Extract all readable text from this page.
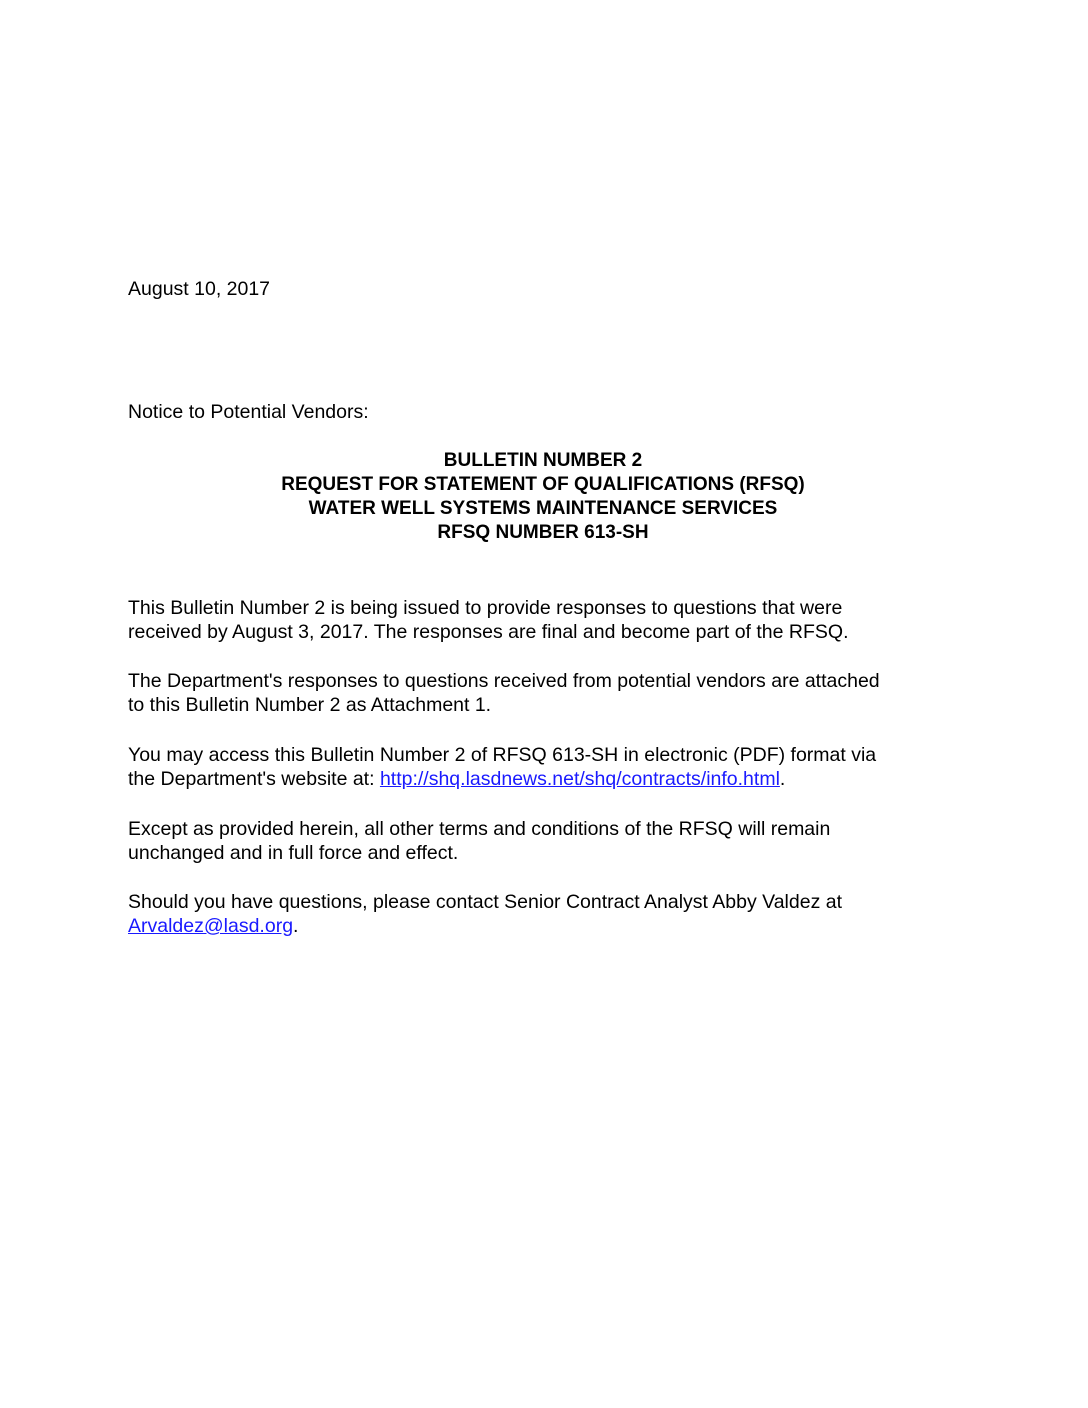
August 10, 2017
Notice to Potential Vendors:
BULLETIN NUMBER 2
REQUEST FOR STATEMENT OF QUALIFICATIONS (RFSQ)
WATER WELL SYSTEMS MAINTENANCE SERVICES
RFSQ NUMBER 613-SH
This Bulletin Number 2 is being issued to provide responses to questions that were
received by August 3, 2017. The responses are final and become part of the RFSQ.
The Department's responses to questions received from potential vendors are attached
to this Bulletin Number 2 as Attachment 1.
You may access this Bulletin Number 2 of RFSQ 613-SH in electronic (PDF) format via
the Department's website at: http://shq.lasdnews.net/shq/contracts/info.html.
Except as provided herein, all other terms and conditions of the RFSQ will remain
unchanged and in full force and effect.
Should you have questions, please contact Senior Contract Analyst Abby Valdez at
Arvaldez@lasd.org.
